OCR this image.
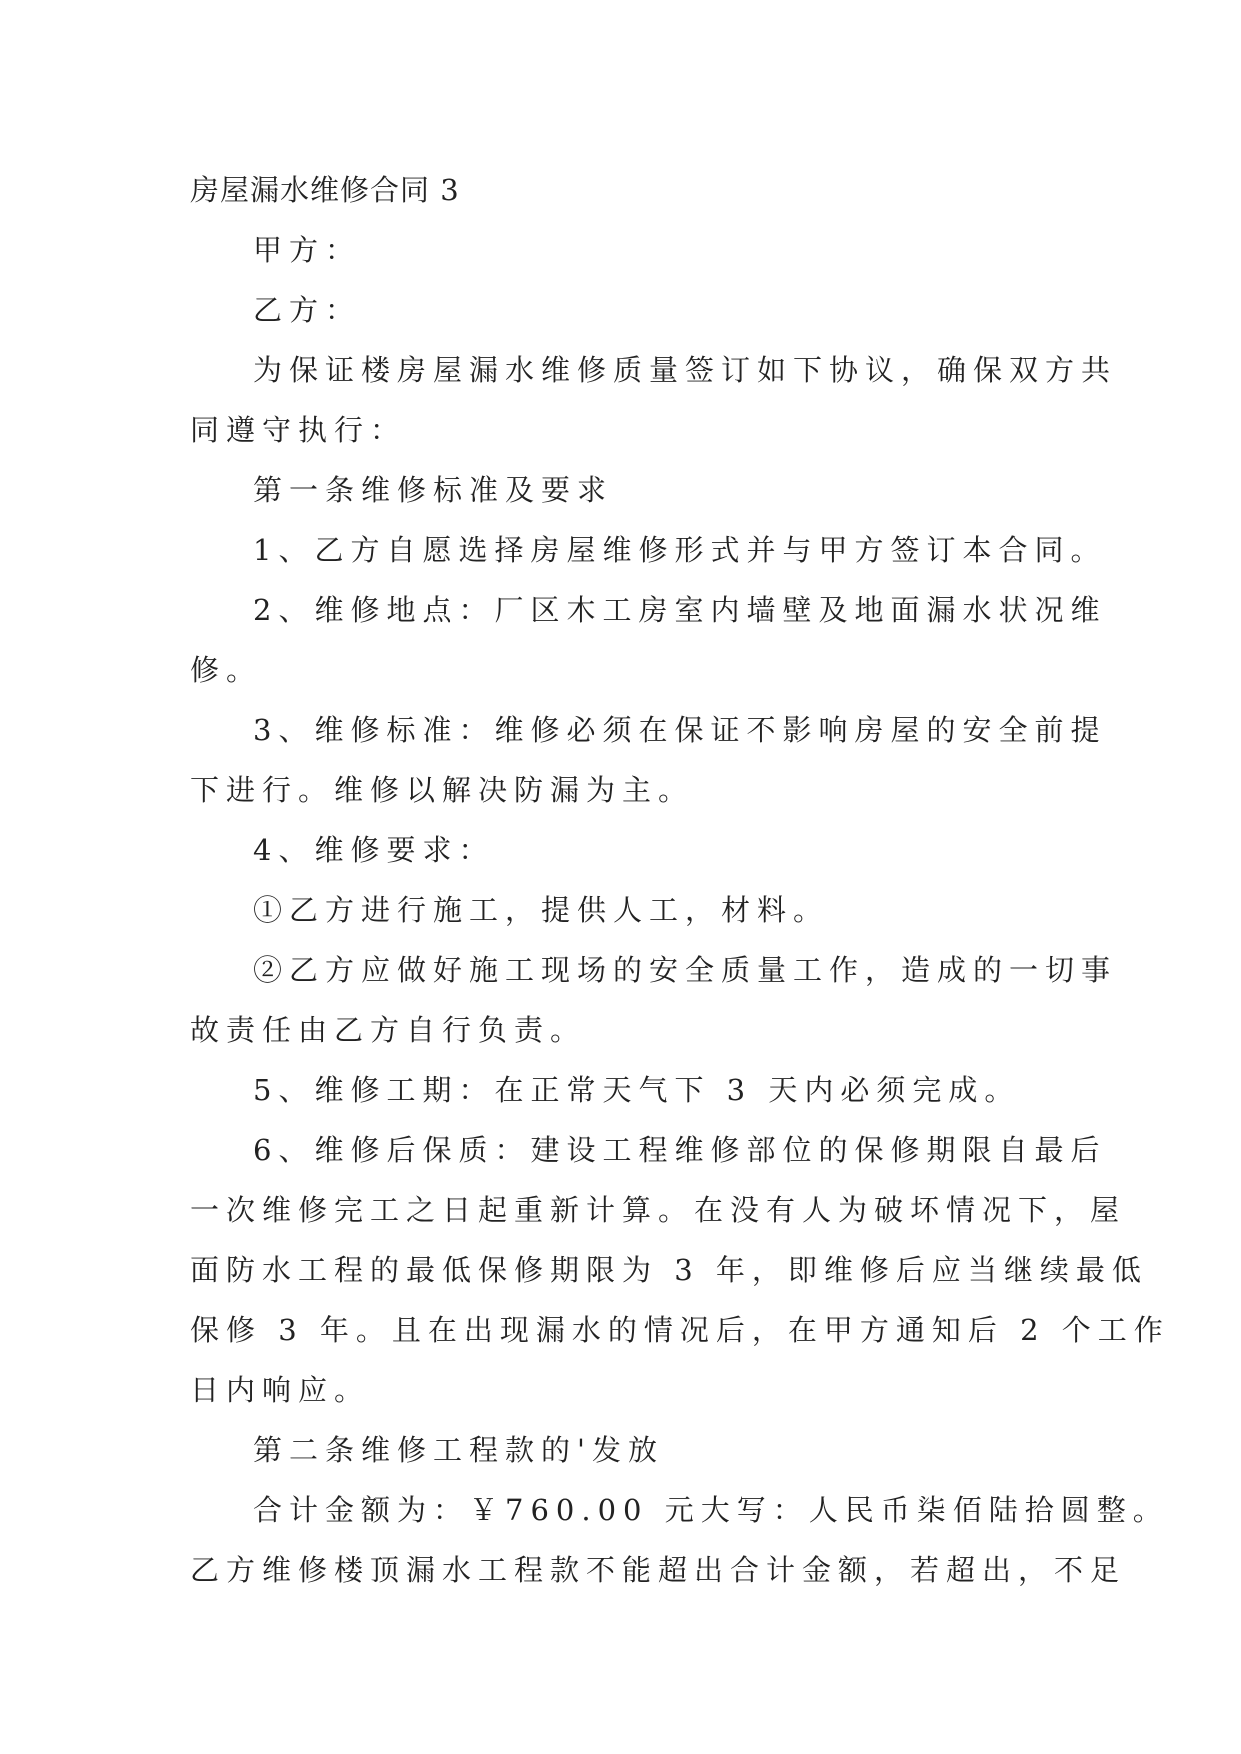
房屋漏水维修合同 3

甲方：

乙方：

为保证楼房屋漏水维修质量签订如下协议，确保双方共
同遵守执行：

第一条维修标准及要求

1、乙方自愿选择房屋维修形式并与甲方签订本合同。

2、维修地点：厂区木工房室内墙壁及地面漏水状况维
修。

3、维修标准：维修必须在保证不影响房屋的安全前提
下进行。维修以解决防漏为主。

4、维修要求：

①乙方进行施工，提供人工，材料。

②乙方应做好施工现场的安全质量工作，造成的一切事
故责任由乙方自行负责。

5、维修工期：在正常天气下 3 天内必须完成。

6、维修后保质：建设工程维修部位的保修期限自最后
一次维修完工之日起重新计算。在没有人为破坏情况下，屋
面防水工程的最低保修期限为 3 年，即维修后应当继续最低
保修 3 年。且在出现漏水的情况后，在甲方通知后 2 个工作
日内响应。

第二条维修工程款的'发放

合计金额为：￥760.00 元大写：人民币柒佰陆拾圆整。
乙方维修楼顶漏水工程款不能超出合计金额，若超出，不足
